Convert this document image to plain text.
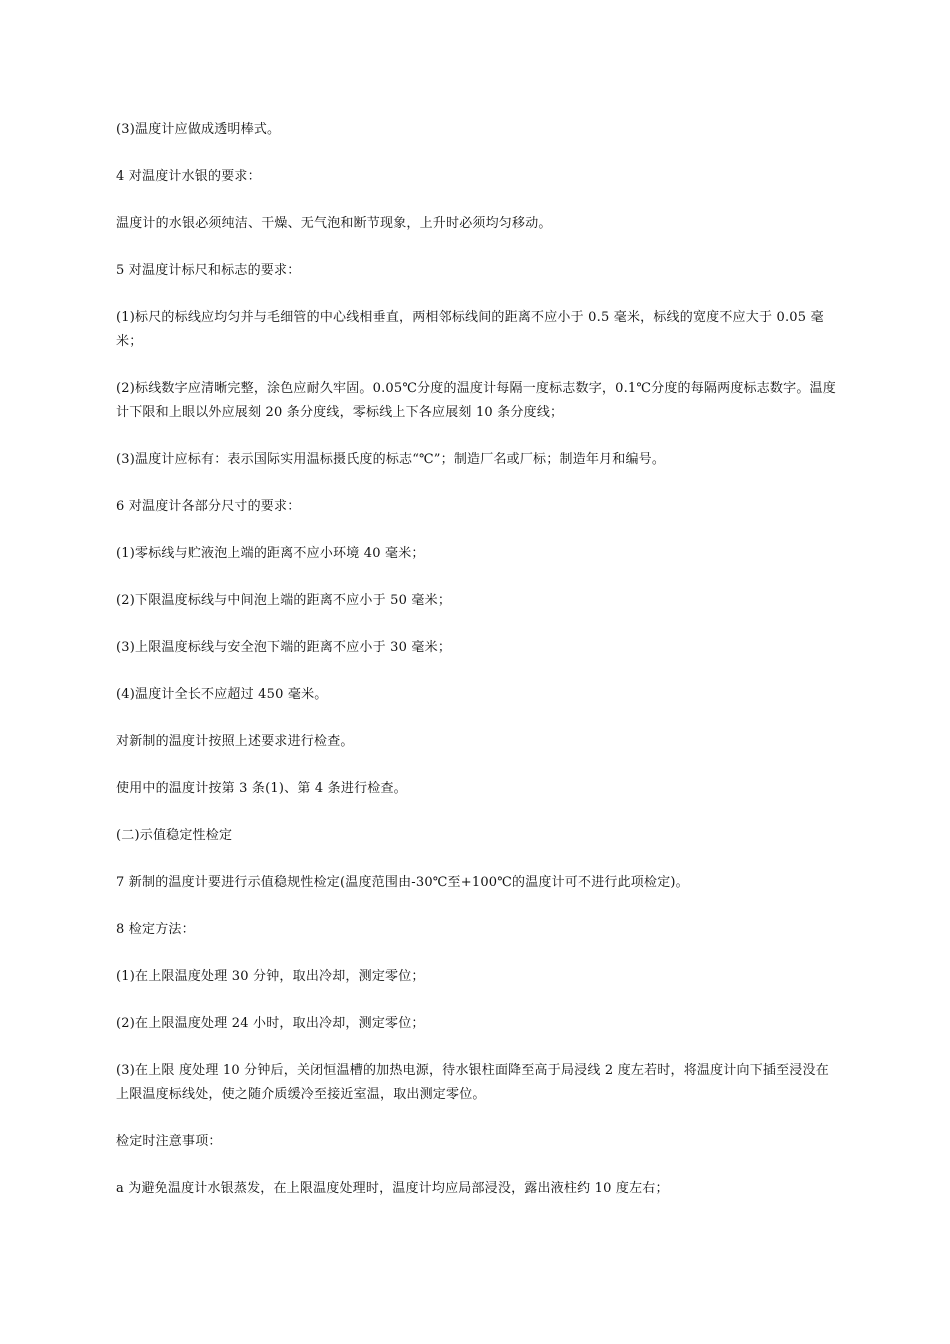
(3)温度计应做成透明棒式。

4 对温度计水银的要求：

温度计的水银必须纯洁、干燥、无气泡和断节现象，上升时必须均匀移动。

5 对温度计标尺和标志的要求：

(1)标尺的标线应均匀并与毛细管的中心线相垂直，两相邻标线间的距离不应小于 0.5 毫米，标线的宽度不应大于 0.05 毫米；

(2)标线数字应清晰完整，涂色应耐久牢固。0.05℃分度的温度计每隔一度标志数字，0.1℃分度的每隔两度标志数字。温度计下限和上眼以外应展刻 20 条分度线，零标线上下各应展刻 10 条分度线；

(3)温度计应标有：表示国际实用温标摄氏度的标志“℃”；制造厂名或厂标；制造年月和编号。

6 对温度计各部分尺寸的要求：

(1)零标线与贮液泡上端的距离不应小环境 40 毫米；

(2)下限温度标线与中间泡上端的距离不应小于 50 毫米；

(3)上限温度标线与安全泡下端的距离不应小于 30 毫米；

(4)温度计全长不应超过 450 毫米。

对新制的温度计按照上述要求进行检查。

使用中的温度计按第 3 条(1)、第 4 条进行检查。

(二)示值稳定性检定

7 新制的温度计要进行示值稳规性检定(温度范围由-30℃至+100℃的温度计可不进行此项检定)。

8 检定方法：

(1)在上限温度处理 30 分钟，取出冷却，测定零位；

(2)在上限温度处理 24 小时，取出冷却，测定零位；

(3)在上限 度处理 10 分钟后，关闭恒温槽的加热电源，待水银柱面降至高于局浸线 2 度左若时，将温度计向下插至浸没在上限温度标线处，使之随介质缓冷至接近室温，取出测定零位。

检定时注意事项：

a 为避免温度计水银蒸发，在上限温度处理时，温度计均应局部浸没，露出液柱约 10 度左右；
